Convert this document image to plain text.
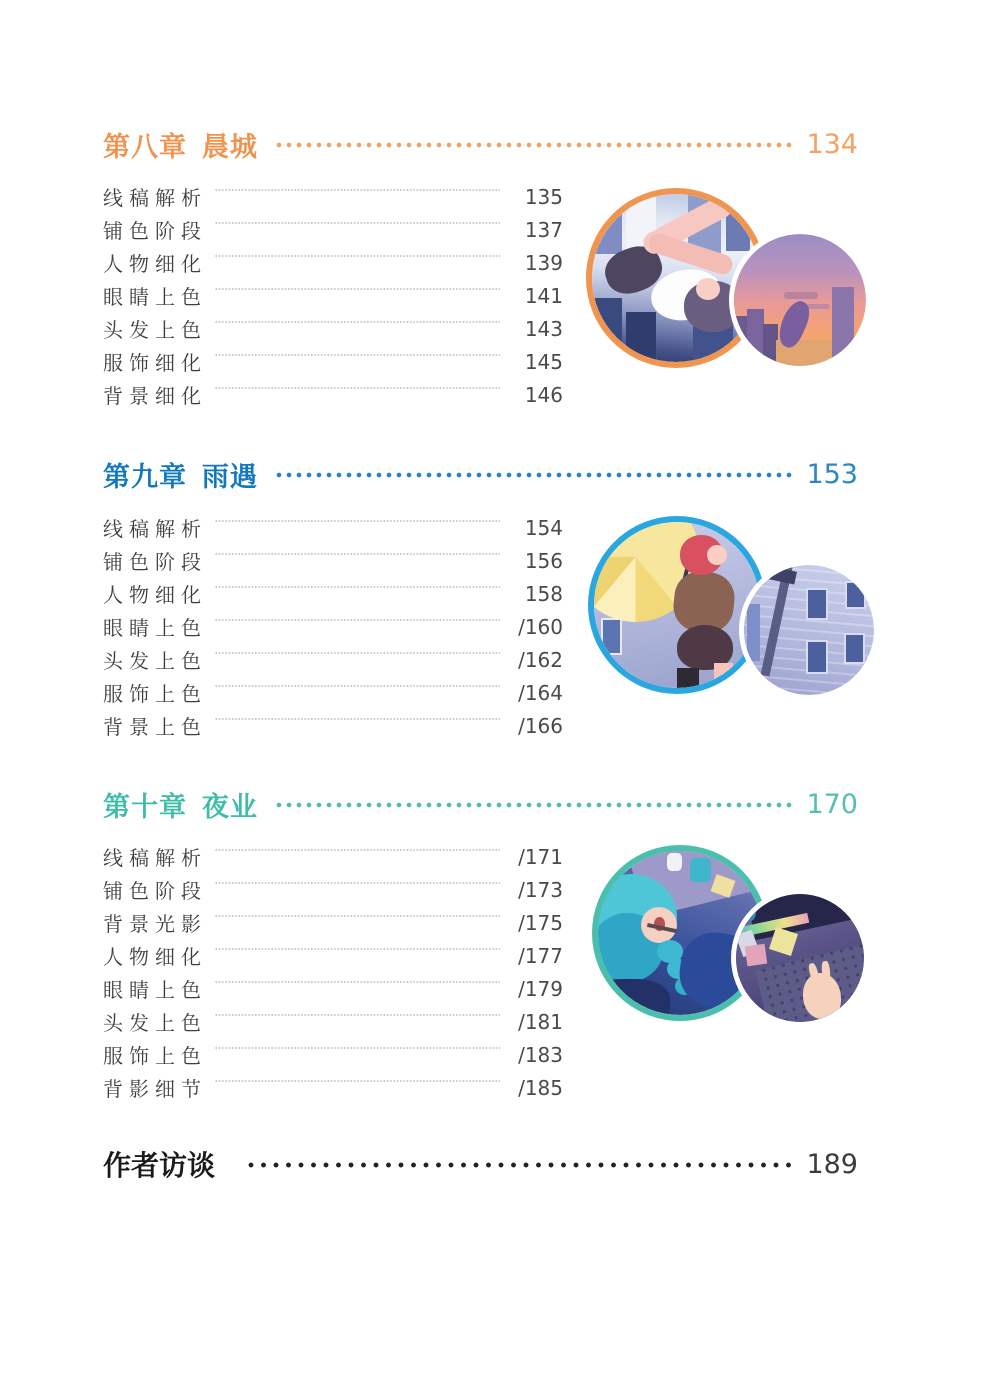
第八章 晨城	134
线稿解析	135
铺色阶段	137
人物细化	139
眼睛上色	141
头发上色	143
服饰细化	145
背景细化	146
第九章 雨遇	153
线稿解析	154
铺色阶段	156
人物细化	158
眼睛上色	/160
头发上色	/162
服饰上色	/164
背景上色	/166
第十章 夜业	170
线稿解析	/171
铺色阶段	/173
背景光影	/175
人物细化	/177
眼睛上色	/179
头发上色	/181
服饰上色	/183
背影细节	/185
作者访谈	189
